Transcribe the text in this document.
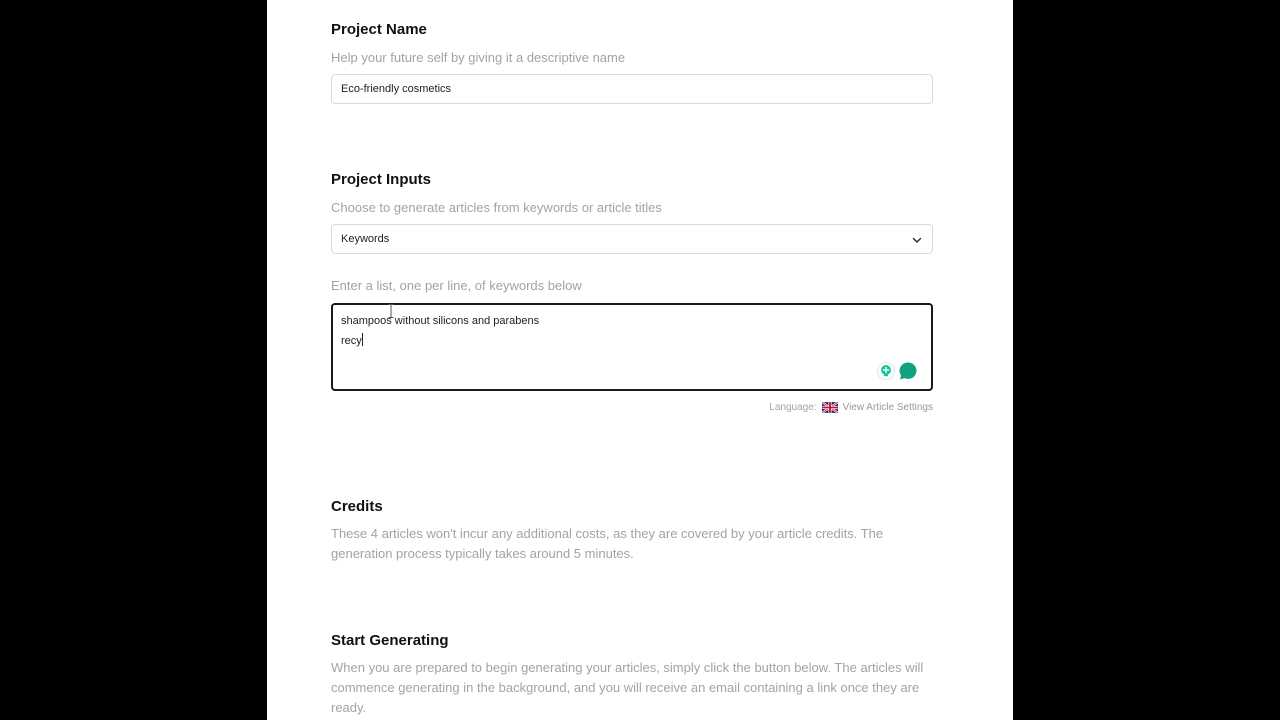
Project Name
Help your future self by giving it a descriptive name
Eco-friendly cosmetics
Project Inputs
Choose to generate articles from keywords or article titles
Keywords
Enter a list, one per line, of keywords below
shampoos without silicons and parabens
recy
Language:	View Article Settings
Credits
These 4 articles won't incur any additional costs, as they are covered by your article credits. The generation process typically takes around 5 minutes.
Start Generating
When you are prepared to begin generating your articles, simply click the button below. The articles will commence generating in the background, and you will receive an email containing a link once they are ready.
